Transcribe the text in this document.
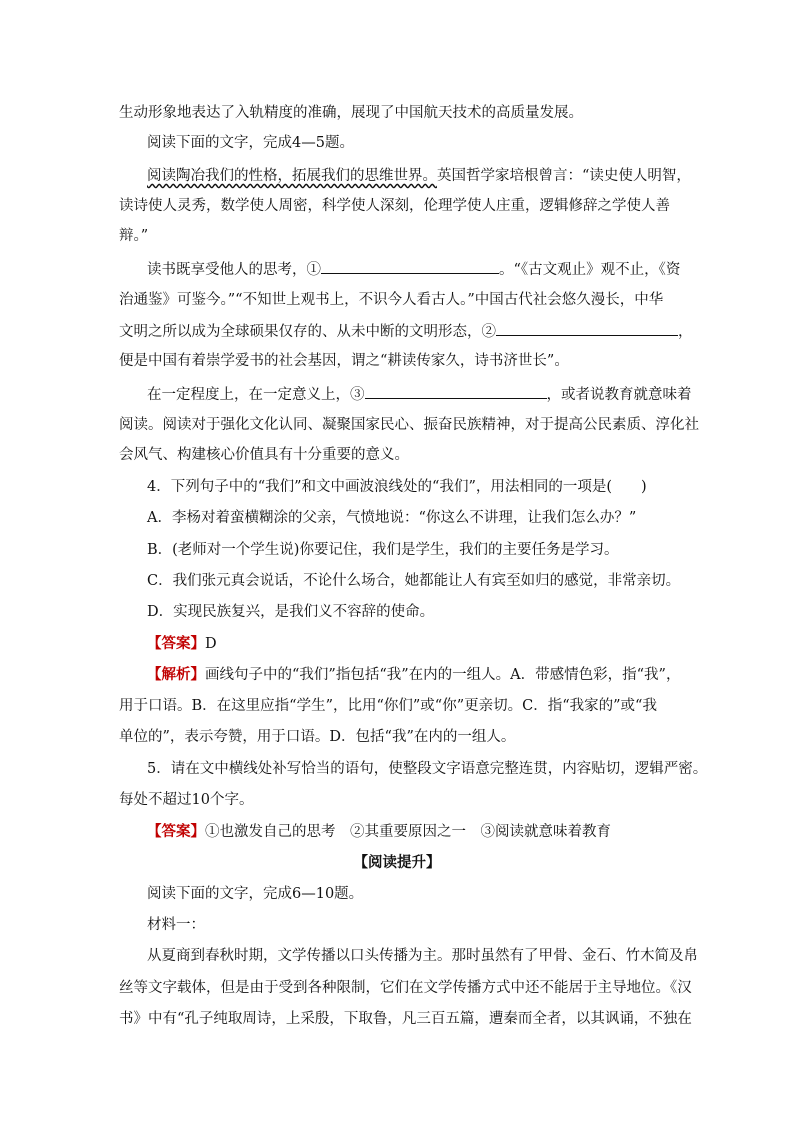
生动形象地表达了入轨精度的准确，展现了中国航天技术的高质量发展。
阅读下面的文字，完成4—5题。
阅读陶冶我们的性格，拓展我们的思维世界。英国哲学家培根曾言：“读史使人明智，
读诗使人灵秀，数学使人周密，科学使人深刻，伦理学使人庄重，逻辑修辞之学使人善
辩。”
读书既享受他人的思考，①	。“《古文观止》观不止，《资
治通鉴》可鉴今。”“不知世上观书上，不识今人看古人。”中国古代社会悠久漫长，中华
文明之所以成为全球硕果仅存的、从未中断的文明形态，②	，
便是中国有着崇学爱书的社会基因，谓之“耕读传家久，诗书济世长”。
在一定程度上，在一定意义上，③	，或者说教育就意味着
阅读。阅读对于强化文化认同、凝聚国家民心、振奋民族精神，对于提高公民素质、淳化社
会风气、构建核心价值具有十分重要的意义。
4．下列句子中的“我们”和文中画波浪线处的“我们”，用法相同的一项是(　　)
A．李杨对着蛮横糊涂的父亲，气愤地说：“你这么不讲理，让我们怎么办？”
B．(老师对一个学生说)你要记住，我们是学生，我们的主要任务是学习。
C．我们张元真会说话，不论什么场合，她都能让人有宾至如归的感觉，非常亲切。
D．实现民族复兴，是我们义不容辞的使命。
【答案】D
【解析】画线句子中的“我们”指包括“我”在内的一组人。A．带感情色彩，指“我”，
用于口语。B．在这里应指“学生”，比用“你们”或“你”更亲切。C．指“我家的”或“我
单位的”，表示夸赞，用于口语。D．包括“我”在内的一组人。
5．请在文中横线处补写恰当的语句，使整段文字语意完整连贯，内容贴切，逻辑严密。
每处不超过10个字。
【答案】①也激发自己的思考　②其重要原因之一　③阅读就意味着教育
【阅读提升】
阅读下面的文字，完成6—10题。
材料一：
从夏商到春秋时期，文学传播以口头传播为主。那时虽然有了甲骨、金石、竹木简及帛
丝等文字载体，但是由于受到各种限制，它们在文学传播方式中还不能居于主导地位。《汉
书》中有“孔子纯取周诗，上采殷，下取鲁，凡三百五篇，遭秦而全者，以其讽诵，不独在
